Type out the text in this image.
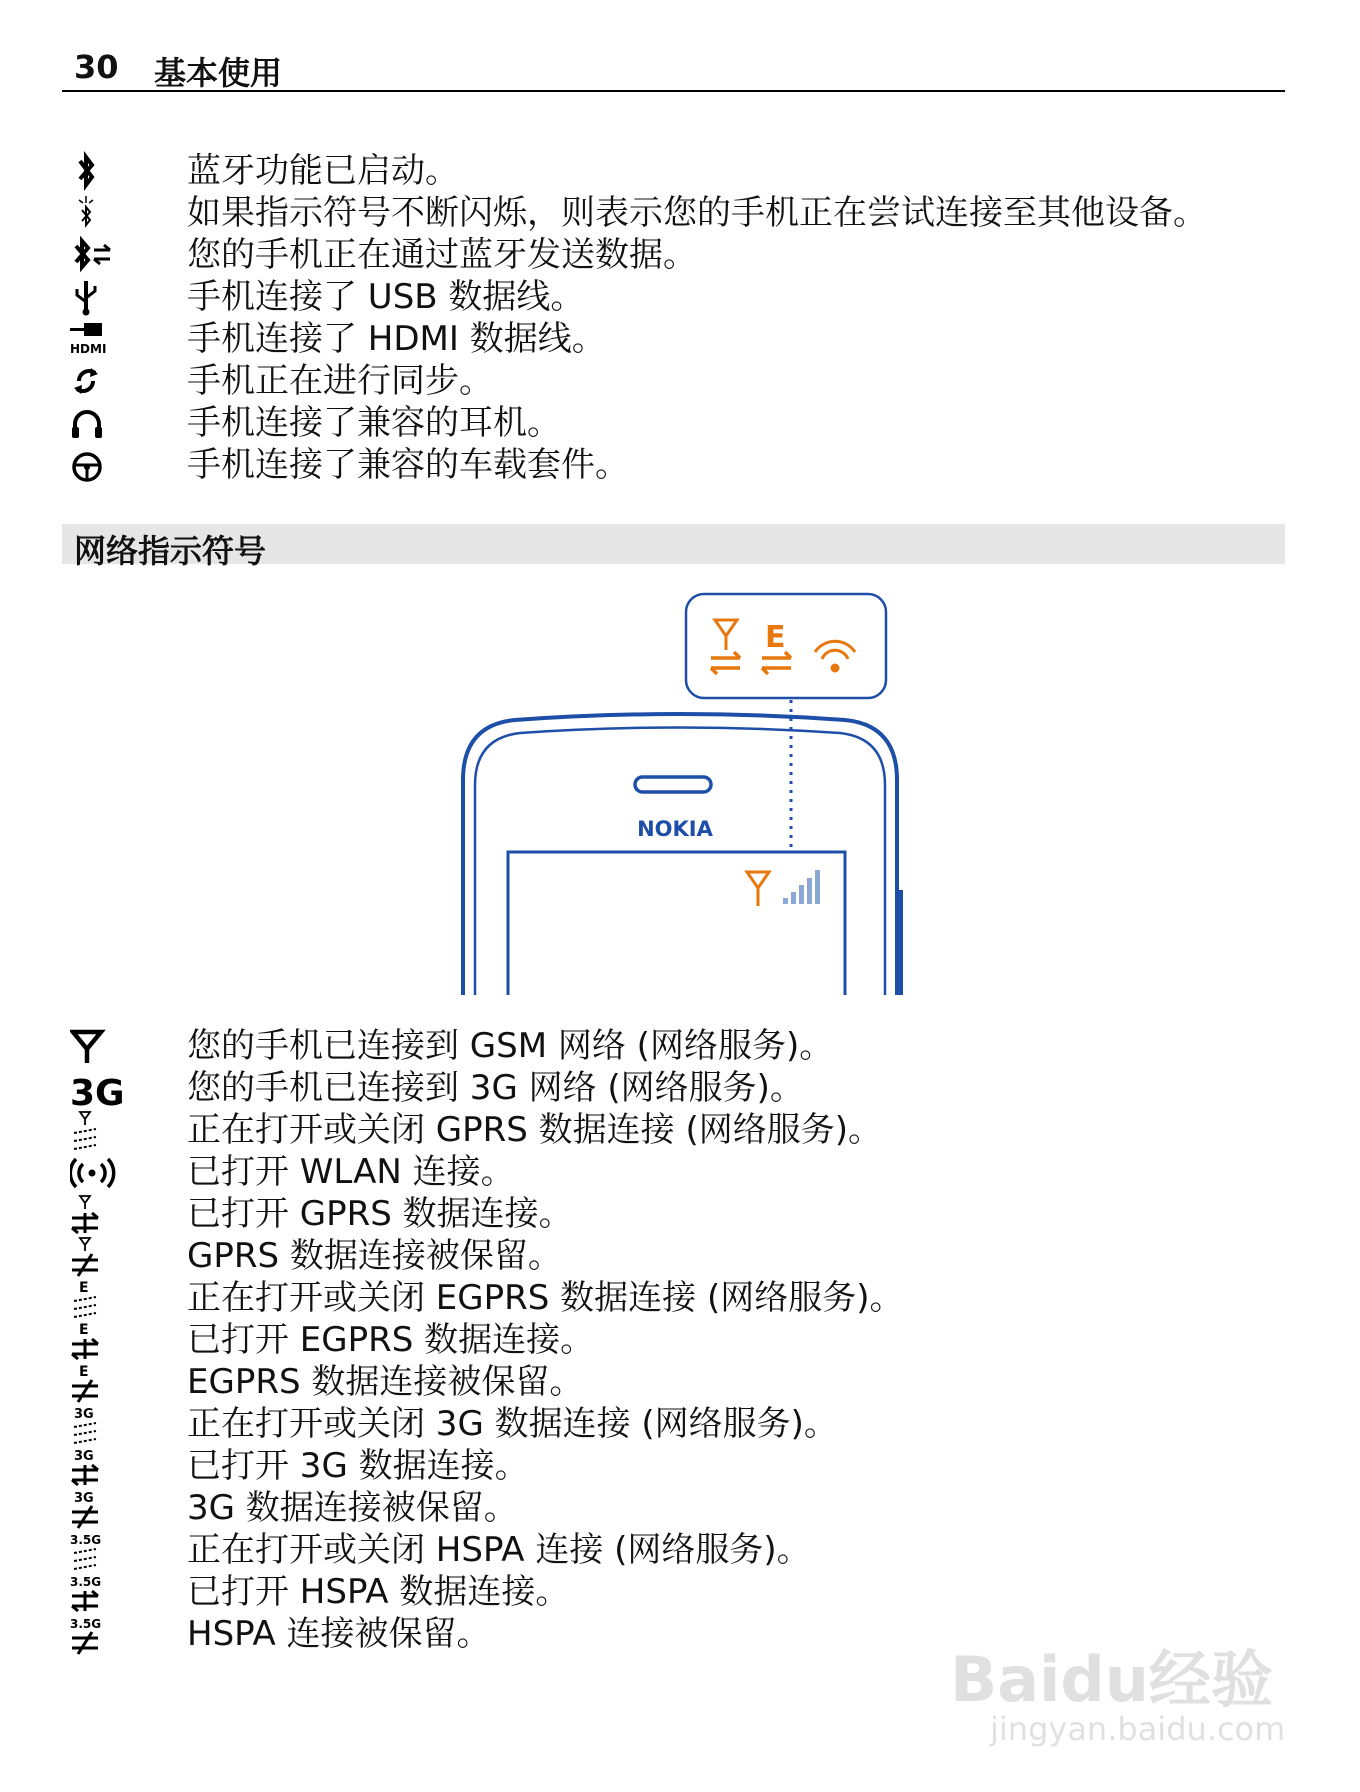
30 基本使用
蓝牙功能已启动。
如果指示符号不断闪烁，则表示您的手机正在尝试连接至其他设备。
您的手机正在通过蓝牙发送数据。
手机连接了 USB 数据线。
HDMI 手机连接了 HDMI 数据线。
手机正在进行同步。
手机连接了兼容的耳机。
手机连接了兼容的车载套件。
网络指示符号
E
NOKIA
您的手机已连接到 GSM 网络 (网络服务)。
3G 您的手机已连接到 3G 网络 (网络服务)。
正在打开或关闭 GPRS 数据连接 (网络服务)。
已打开 WLAN 连接。
已打开 GPRS 数据连接。
GPRS 数据连接被保留。
E	正在打开或关闭 EGPRS 数据连接 (网络服务)。
E	已打开 EGPRS 数据连接。
E	EGPRS 数据连接被保留。
3G	正在打开或关闭 3G 数据连接 (网络服务)。
3G	已打开 3G 数据连接。
3G	3G 数据连接被保留。
3.5G	正在打开或关闭 HSPA 连接 (网络服务)。
3.5G	已打开 HSPA 数据连接。
3.5G	HSPA 连接被保留。
Baidu经验
jingyan.baidu.com
